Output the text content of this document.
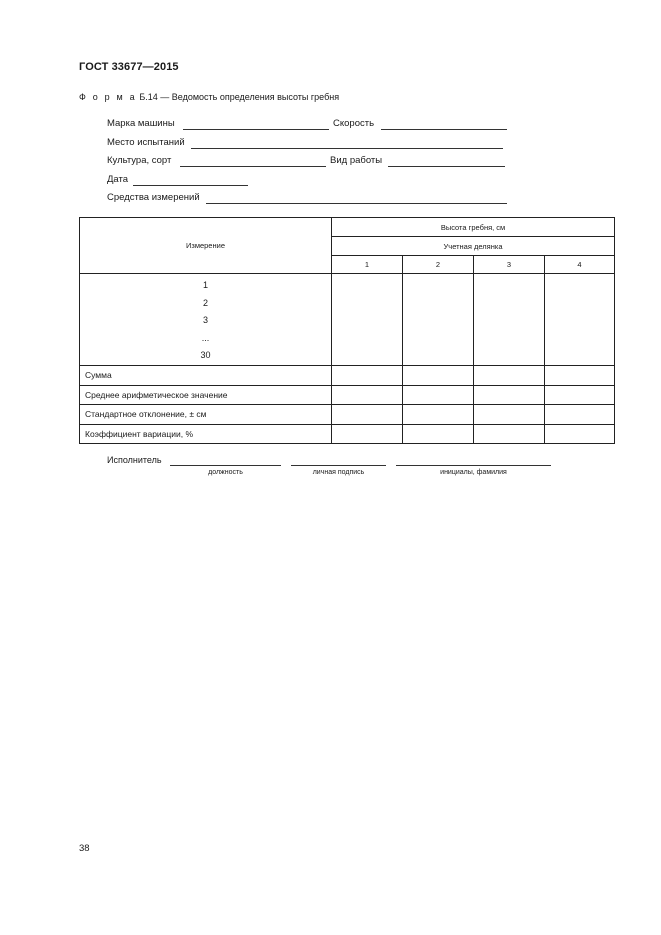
ГОСТ 33677—2015
Ф о р м а Б.14 — Ведомость определения высоты гребня
Марка машины	Скорость
Место испытаний
Культура, сорт	Вид работы
Дата
Средства измерений
Измерение	Высота гребня, см			
	Учетная делянка			
	1	2	3	4

1
2
3
...
30				

Сумма				
Среднее арифметическое значение				
Стандартное отклонение, ± см				
Коэффициент вариации, %				
Исполнитель
должность	личная подпись	инициалы, фамилия
38
